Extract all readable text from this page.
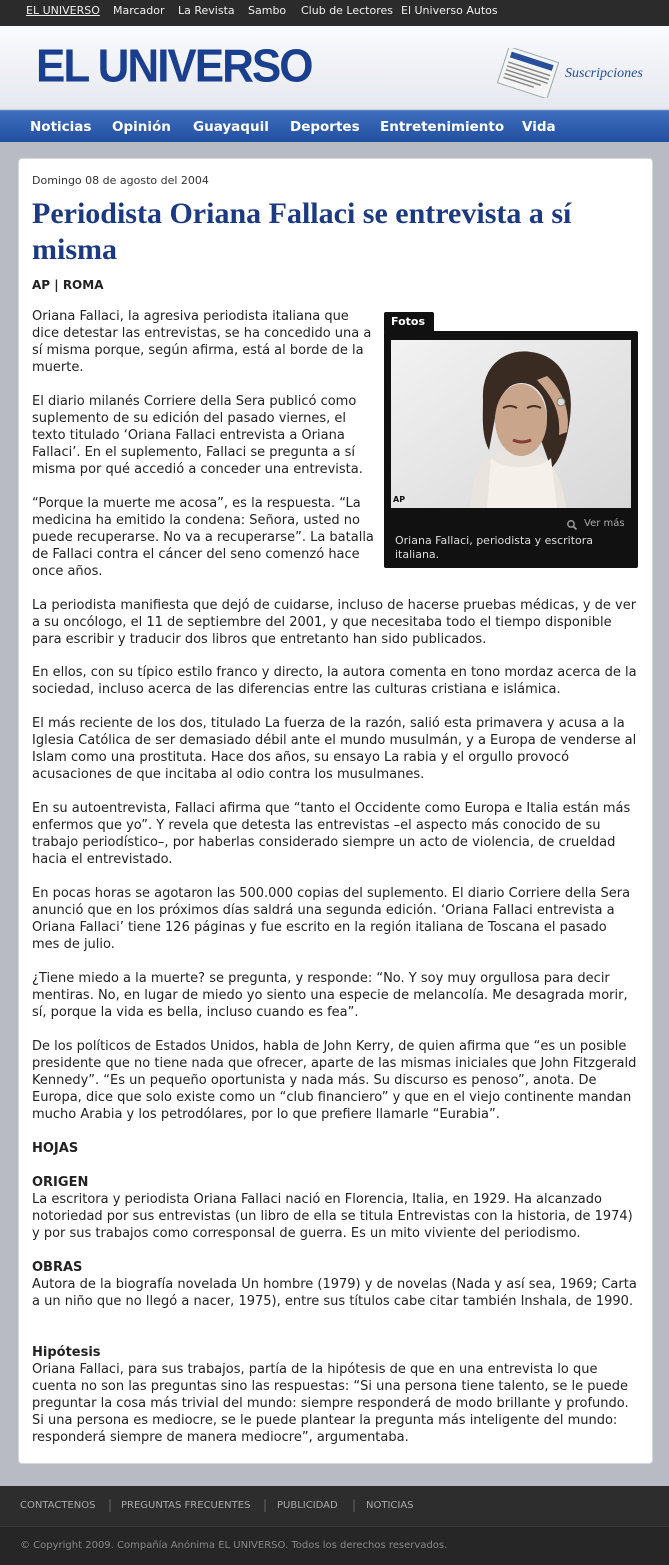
EL UNIVERSO Marcador La Revista Sambo Club de Lectores El Universo Autos
EL UNIVERSO	Suscripciones
Noticias Opinión Guayaquil Deportes Entretenimiento Vida
Domingo 08 de agosto del 2004
Periodista Oriana Fallaci se entrevista a sí misma
AP | ROMA
Fotos
AP
Ver más
Oriana Fallaci, periodista y escritora italiana.

Oriana Fallaci, la agresiva periodista italiana que dice detestar las entrevistas, se ha concedido una a sí misma porque, según afirma, está al borde de la muerte.

El diario milanés Corriere della Sera publicó como suplemento de su edición del pasado viernes, el texto titulado ‘Oriana Fallaci entrevista a Oriana Fallaci’. En el suplemento, Fallaci se pregunta a sí misma por qué accedió a conceder una entrevista.

“Porque la muerte me acosa”, es la respuesta. “La medicina ha emitido la condena: Señora, usted no puede recuperarse. No va a recuperarse”. La batalla de Fallaci contra el cáncer del seno comenzó hace once años.

La periodista manifiesta que dejó de cuidarse, incluso de hacerse pruebas médicas, y de ver a su oncólogo, el 11 de septiembre del 2001, y que necesitaba todo el tiempo disponible para escribir y traducir dos libros que entretanto han sido publicados.

En ellos, con su típico estilo franco y directo, la autora comenta en tono mordaz acerca de la sociedad, incluso acerca de las diferencias entre las culturas cristiana e islámica.

El más reciente de los dos, titulado La fuerza de la razón, salió esta primavera y acusa a la Iglesia Católica de ser demasiado débil ante el mundo musulmán, y a Europa de venderse al Islam como una prostituta. Hace dos años, su ensayo La rabia y el orgullo provocó acusaciones de que incitaba al odio contra los musulmanes.

En su autoentrevista, Fallaci afirma que “tanto el Occidente como Europa e Italia están más enfermos que yo”. Y revela que detesta las entrevistas –el aspecto más conocido de su trabajo periodístico–, por haberlas considerado siempre un acto de violencia, de crueldad hacia el entrevistado.

En pocas horas se agotaron las 500.000 copias del suplemento. El diario Corriere della Sera anunció que en los próximos días saldrá una segunda edición. ‘Oriana Fallaci entrevista a Oriana Fallaci’ tiene 126 páginas y fue escrito en la región italiana de Toscana el pasado mes de julio.

¿Tiene miedo a la muerte? se pregunta, y responde: “No. Y soy muy orgullosa para decir mentiras. No, en lugar de miedo yo siento una especie de melancolía. Me desagrada morir, sí, porque la vida es bella, incluso cuando es fea”.

De los políticos de Estados Unidos, habla de John Kerry, de quien afirma que “es un posible presidente que no tiene nada que ofrecer, aparte de las mismas iniciales que John Fitzgerald Kennedy”. “Es un pequeño oportunista y nada más. Su discurso es penoso”, anota. De Europa, dice que solo existe como un “club financiero” y que en el viejo continente mandan mucho Arabia y los petrodólares, por lo que prefiere llamarle “Eurabia”.

HOJAS
ORIGEN

La escritora y periodista Oriana Fallaci nació en Florencia, Italia, en 1929. Ha alcanzado notoriedad por sus entrevistas (un libro de ella se titula Entrevistas con la historia, de 1974) y por sus trabajos como corresponsal de guerra. Es un mito viviente del periodismo.

OBRAS

Autora de la biografía novelada Un hombre (1979) y de novelas (Nada y así sea, 1969; Carta a un niño que no llegó a nacer, 1975), entre sus títulos cabe citar también Inshala, de 1990.

Hipótesis

Oriana Fallaci, para sus trabajos, partía de la hipótesis de que en una entrevista lo que cuenta no son las preguntas sino las respuestas: “Si una persona tiene talento, se le puede preguntar la cosa más trivial del mundo: siempre responderá de modo brillante y profundo. Si una persona es mediocre, se le puede plantear la pregunta más inteligente del mundo: responderá siempre de manera mediocre”, argumentaba.

CONTACTENOS | PREGUNTAS FRECUENTES | PUBLICIDAD | NOTICIAS
© Copyright 2009. Compañía Anónima EL UNIVERSO. Todos los derechos reservados.
